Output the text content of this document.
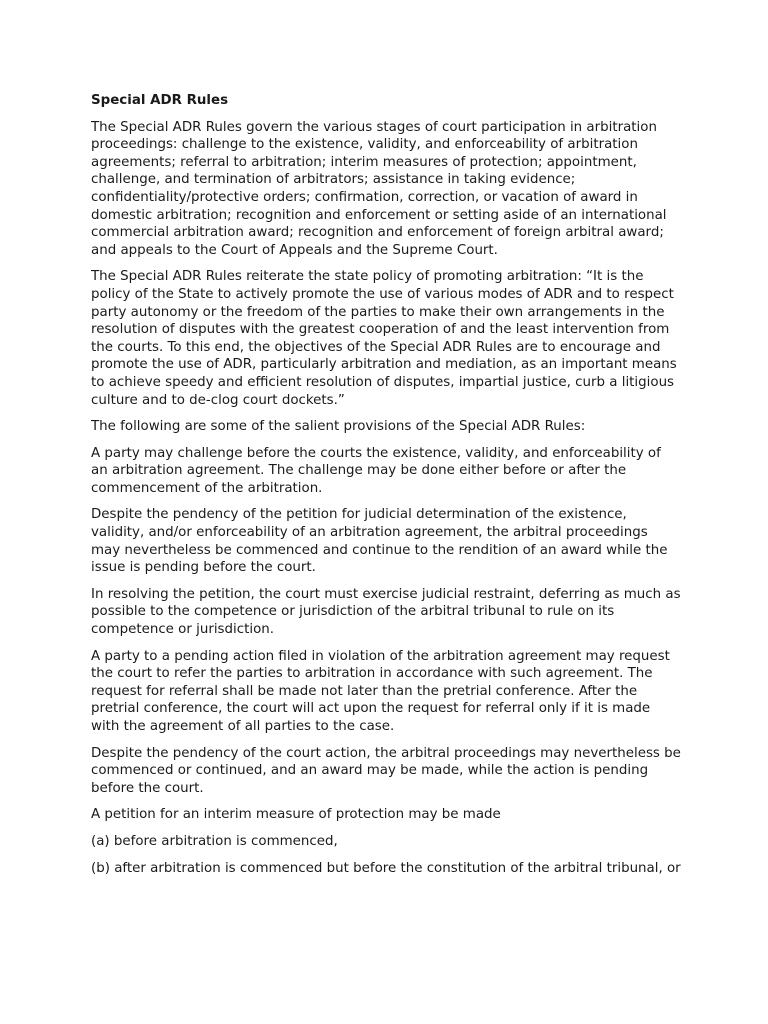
Special ADR Rules

The Special ADR Rules govern the various stages of court participation in arbitration proceedings: challenge to the existence, validity, and enforceability of arbitration agreements; referral to arbitration; interim measures of protection; appointment, challenge, and termination of arbitrators; assistance in taking evidence; confidentiality/protective orders; confirmation, correction, or vacation of award in domestic arbitration; recognition and enforcement or setting aside of an international commercial arbitration award; recognition and enforcement of foreign arbitral award; and appeals to the Court of Appeals and the Supreme Court.

The Special ADR Rules reiterate the state policy of promoting arbitration: “It is the policy of the State to actively promote the use of various modes of ADR and to respect party autonomy or the freedom of the parties to make their own arrangements in the resolution of disputes with the greatest cooperation of and the least intervention from the courts. To this end, the objectives of the Special ADR Rules are to encourage and promote the use of ADR, particularly arbitration and mediation, as an important means to achieve speedy and efficient resolution of disputes, impartial justice, curb a litigious culture and to de-clog court dockets.”

The following are some of the salient provisions of the Special ADR Rules:

A party may challenge before the courts the existence, validity, and enforceability of an arbitration agreement. The challenge may be done either before or after the commencement of the arbitration.

Despite the pendency of the petition for judicial determination of the existence, validity, and/or enforceability of an arbitration agreement, the arbitral proceedings may nevertheless be commenced and continue to the rendition of an award while the issue is pending before the court.

In resolving the petition, the court must exercise judicial restraint, deferring as much as possible to the competence or jurisdiction of the arbitral tribunal to rule on its competence or jurisdiction.

A party to a pending action filed in violation of the arbitration agreement may request the court to refer the parties to arbitration in accordance with such agreement. The request for referral shall be made not later than the pretrial conference. After the pretrial conference, the court will act upon the request for referral only if it is made with the agreement of all parties to the case.

Despite the pendency of the court action, the arbitral proceedings may nevertheless be commenced or continued, and an award may be made, while the action is pending before the court.

A petition for an interim measure of protection may be made

(a) before arbitration is commenced,

(b) after arbitration is commenced but before the constitution of the arbitral tribunal, or
